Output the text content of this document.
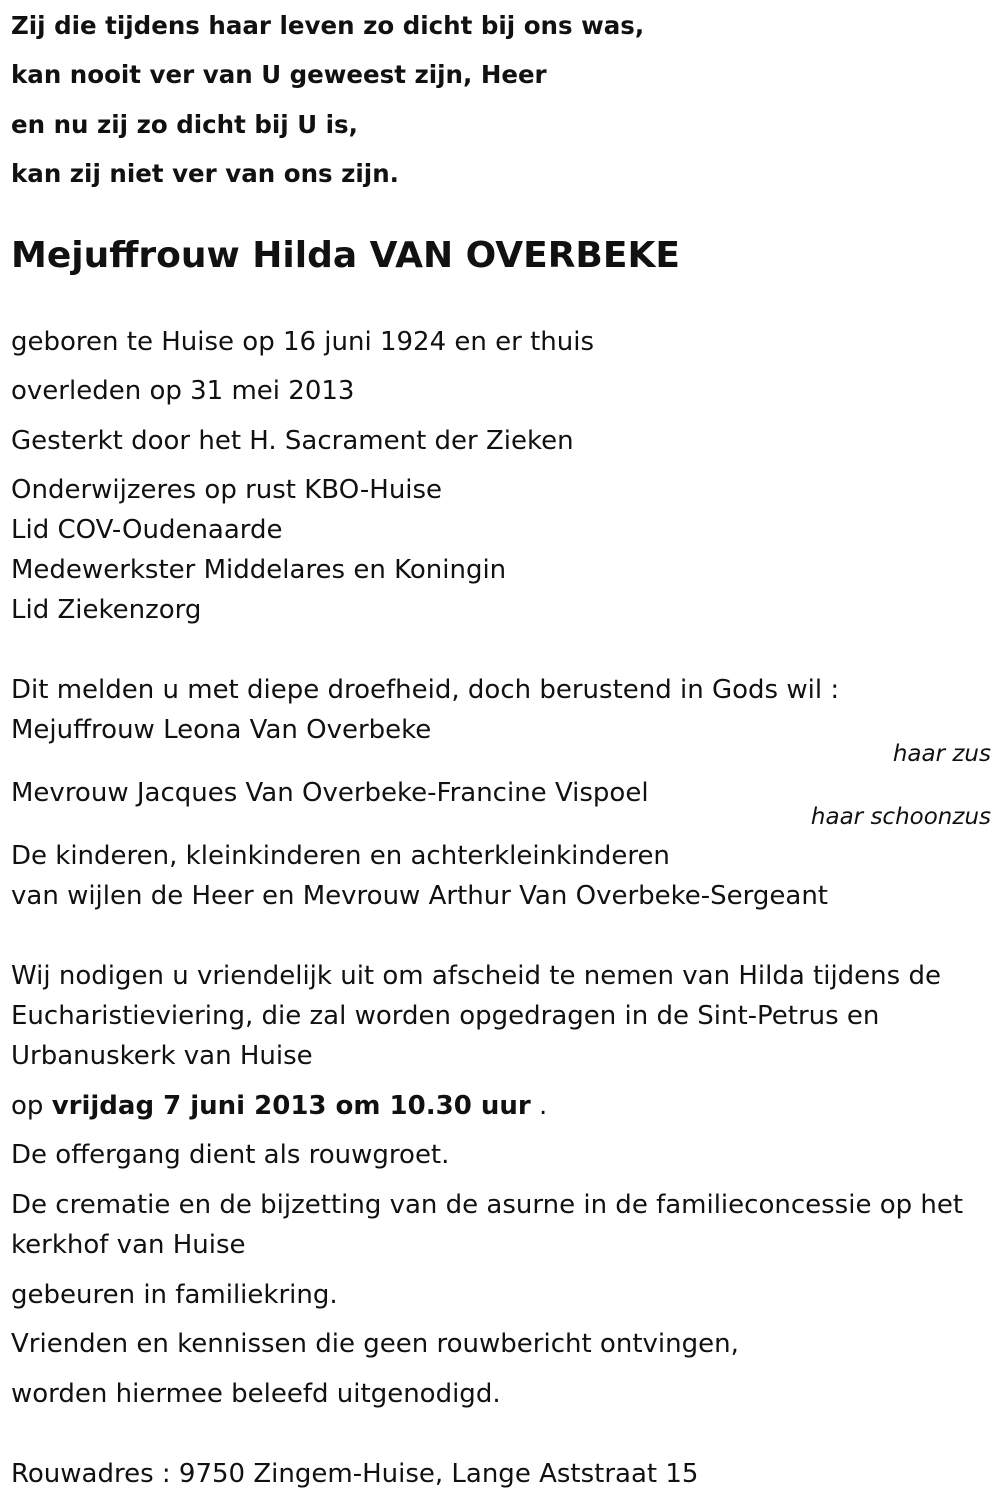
Zij die tijdens haar leven zo dicht bij ons was,
kan nooit ver van U geweest zijn, Heer
en nu zij zo dicht bij U is,
kan zij niet ver van ons zijn.
Mejuffrouw Hilda VAN OVERBEKE
geboren te Huise op 16 juni 1924 en er thuis
overleden op 31 mei 2013
Gesterkt door het H. Sacrament der Zieken
Onderwijzeres op rust KBO-Huise
Lid COV-Oudenaarde
Medewerkster Middelares en Koningin
Lid Ziekenzorg
Dit melden u met diepe droefheid, doch berustend in Gods wil :
Mejuffrouw Leona Van Overbeke
haar zus
Mevrouw Jacques Van Overbeke-Francine Vispoel
haar schoonzus
De kinderen, kleinkinderen en achterkleinkinderen
van wijlen de Heer en Mevrouw Arthur Van Overbeke-Sergeant
Wij nodigen u vriendelijk uit om afscheid te nemen van Hilda tijdens de
Eucharistieviering, die zal worden opgedragen in de Sint-Petrus en
Urbanuskerk van Huise
op vrijdag 7 juni 2013 om 10.30 uur .
De offergang dient als rouwgroet.
De crematie en de bijzetting van de asurne in de familieconcessie op het
kerkhof van Huise
gebeuren in familiekring.
Vrienden en kennissen die geen rouwbericht ontvingen,
worden hiermee beleefd uitgenodigd.
Rouwadres : 9750 Zingem-Huise, Lange Aststraat 15
